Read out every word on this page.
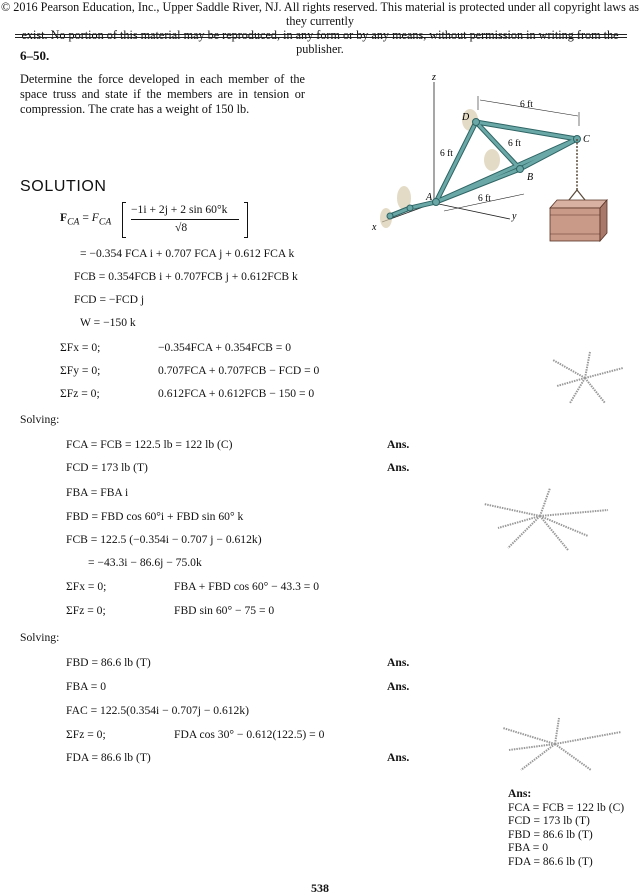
© 2016 Pearson Education, Inc., Upper Saddle River, NJ. All rights reserved. This material is protected under all copyright laws as they currently
exist. No portion of this material may be reproduced, in any form or by any means, without permission in writing from the publisher.
6–50.
Determine the force developed in each member of the space truss and state if the members are in tension or compression. The crate has a weight of 150 lb.
z
y
x
D
C
B
A
6 ft
6 ft
6 ft
6 ft
SOLUTION
$F_{CA} = F_{CA}$
−1i + 2j + 2 sin 60°k
√8
= −0.354 FCA i + 0.707 FCA j + 0.612 FCA k
FCB = 0.354FCB i + 0.707FCB j + 0.612FCB k
FCD = −FCD j
W = −150 k
ΣFx = 0;	−0.354FCA + 0.354FCB = 0
ΣFy = 0;	0.707FCA + 0.707FCB − FCD = 0
ΣFz = 0;	0.612FCA + 0.612FCB − 150 = 0
Solving:
FCA = FCB = 122.5 lb = 122 lb (C)	Ans.
FCD = 173 lb (T)	Ans.
FBA = FBA i
FBD = FBD cos 60°i + FBD sin 60° k
FCB = 122.5 (−0.354i − 0.707 j − 0.612k)
= −43.3i − 86.6j − 75.0k
ΣFx = 0;	FBA + FBD cos 60° − 43.3 = 0
ΣFz = 0;	FBD sin 60° − 75 = 0
Solving:
FBD = 86.6 lb (T)	Ans.
FBA = 0	Ans.
FAC = 122.5(0.354i − 0.707j − 0.612k)
ΣFz = 0;	FDA cos 30° − 0.612(122.5) = 0
FDA = 86.6 lb (T)	Ans.
Ans:
FCA = FCB = 122 lb (C)
FCD = 173 lb (T)
FBD = 86.6 lb (T)
FBA = 0
FDA = 86.6 lb (T)
538
